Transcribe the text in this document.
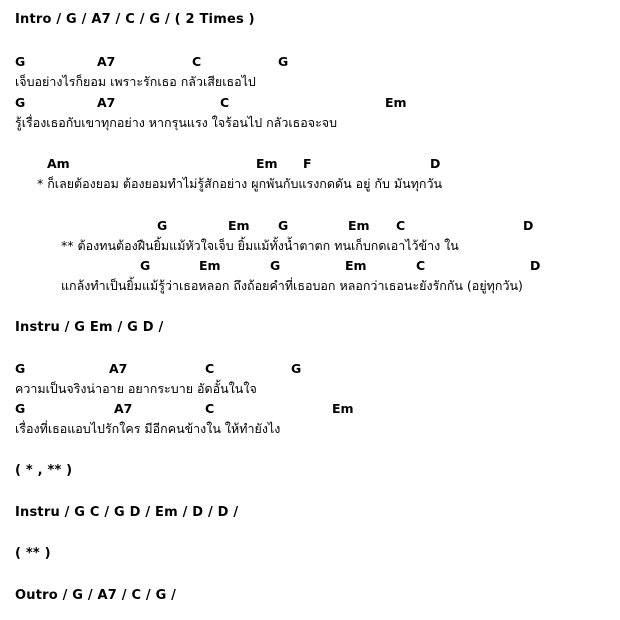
Intro / G / A7 / C / G / ( 2 Times )
G	A7	C	G
เจ็บอย่างไรก็ยอม เพราะรักเธอ กลัวเสียเธอไป
G	A7	C	Em
รู้เรื่องเธอกับเขาทุกอย่าง หากรุนแรง ใจร้อนไป กลัวเธอจะจบ
Am	Em F	D
* ก็เลยต้องยอม ต้องยอมทำไม่รู้สักอย่าง ผูกพันกับแรงกดดัน อยู่ กับ มันทุกวัน
G	Em G	Em C	D
** ต้องทนต้องฝืนยิ้มแม้หัวใจเจ็บ ยิ้มแม้ทั้งน้ำตาตก ทนเก็บกดเอาไว้ข้าง ใน
G	Em	G	Em	C	D
แกล้งทำเป็นยิ้มแม้รู้ว่าเธอหลอก ถึงถ้อยคำที่เธอบอก หลอกว่าเธอนะยังรักกัน (อยู่ทุกวัน)
Instru / G Em / G D /
G	A7	C	G
ความเป็นจริงน่าอาย อยากระบาย อัดอั้นในใจ
G	A7	C	Em
เรื่องที่เธอแอบไปรักใคร มีอีกคนข้างใน ให้ทำยังไง
( * , ** )
Instru / G C / G D / Em / D / D /
( ** )
Outro / G / A7 / C / G /
